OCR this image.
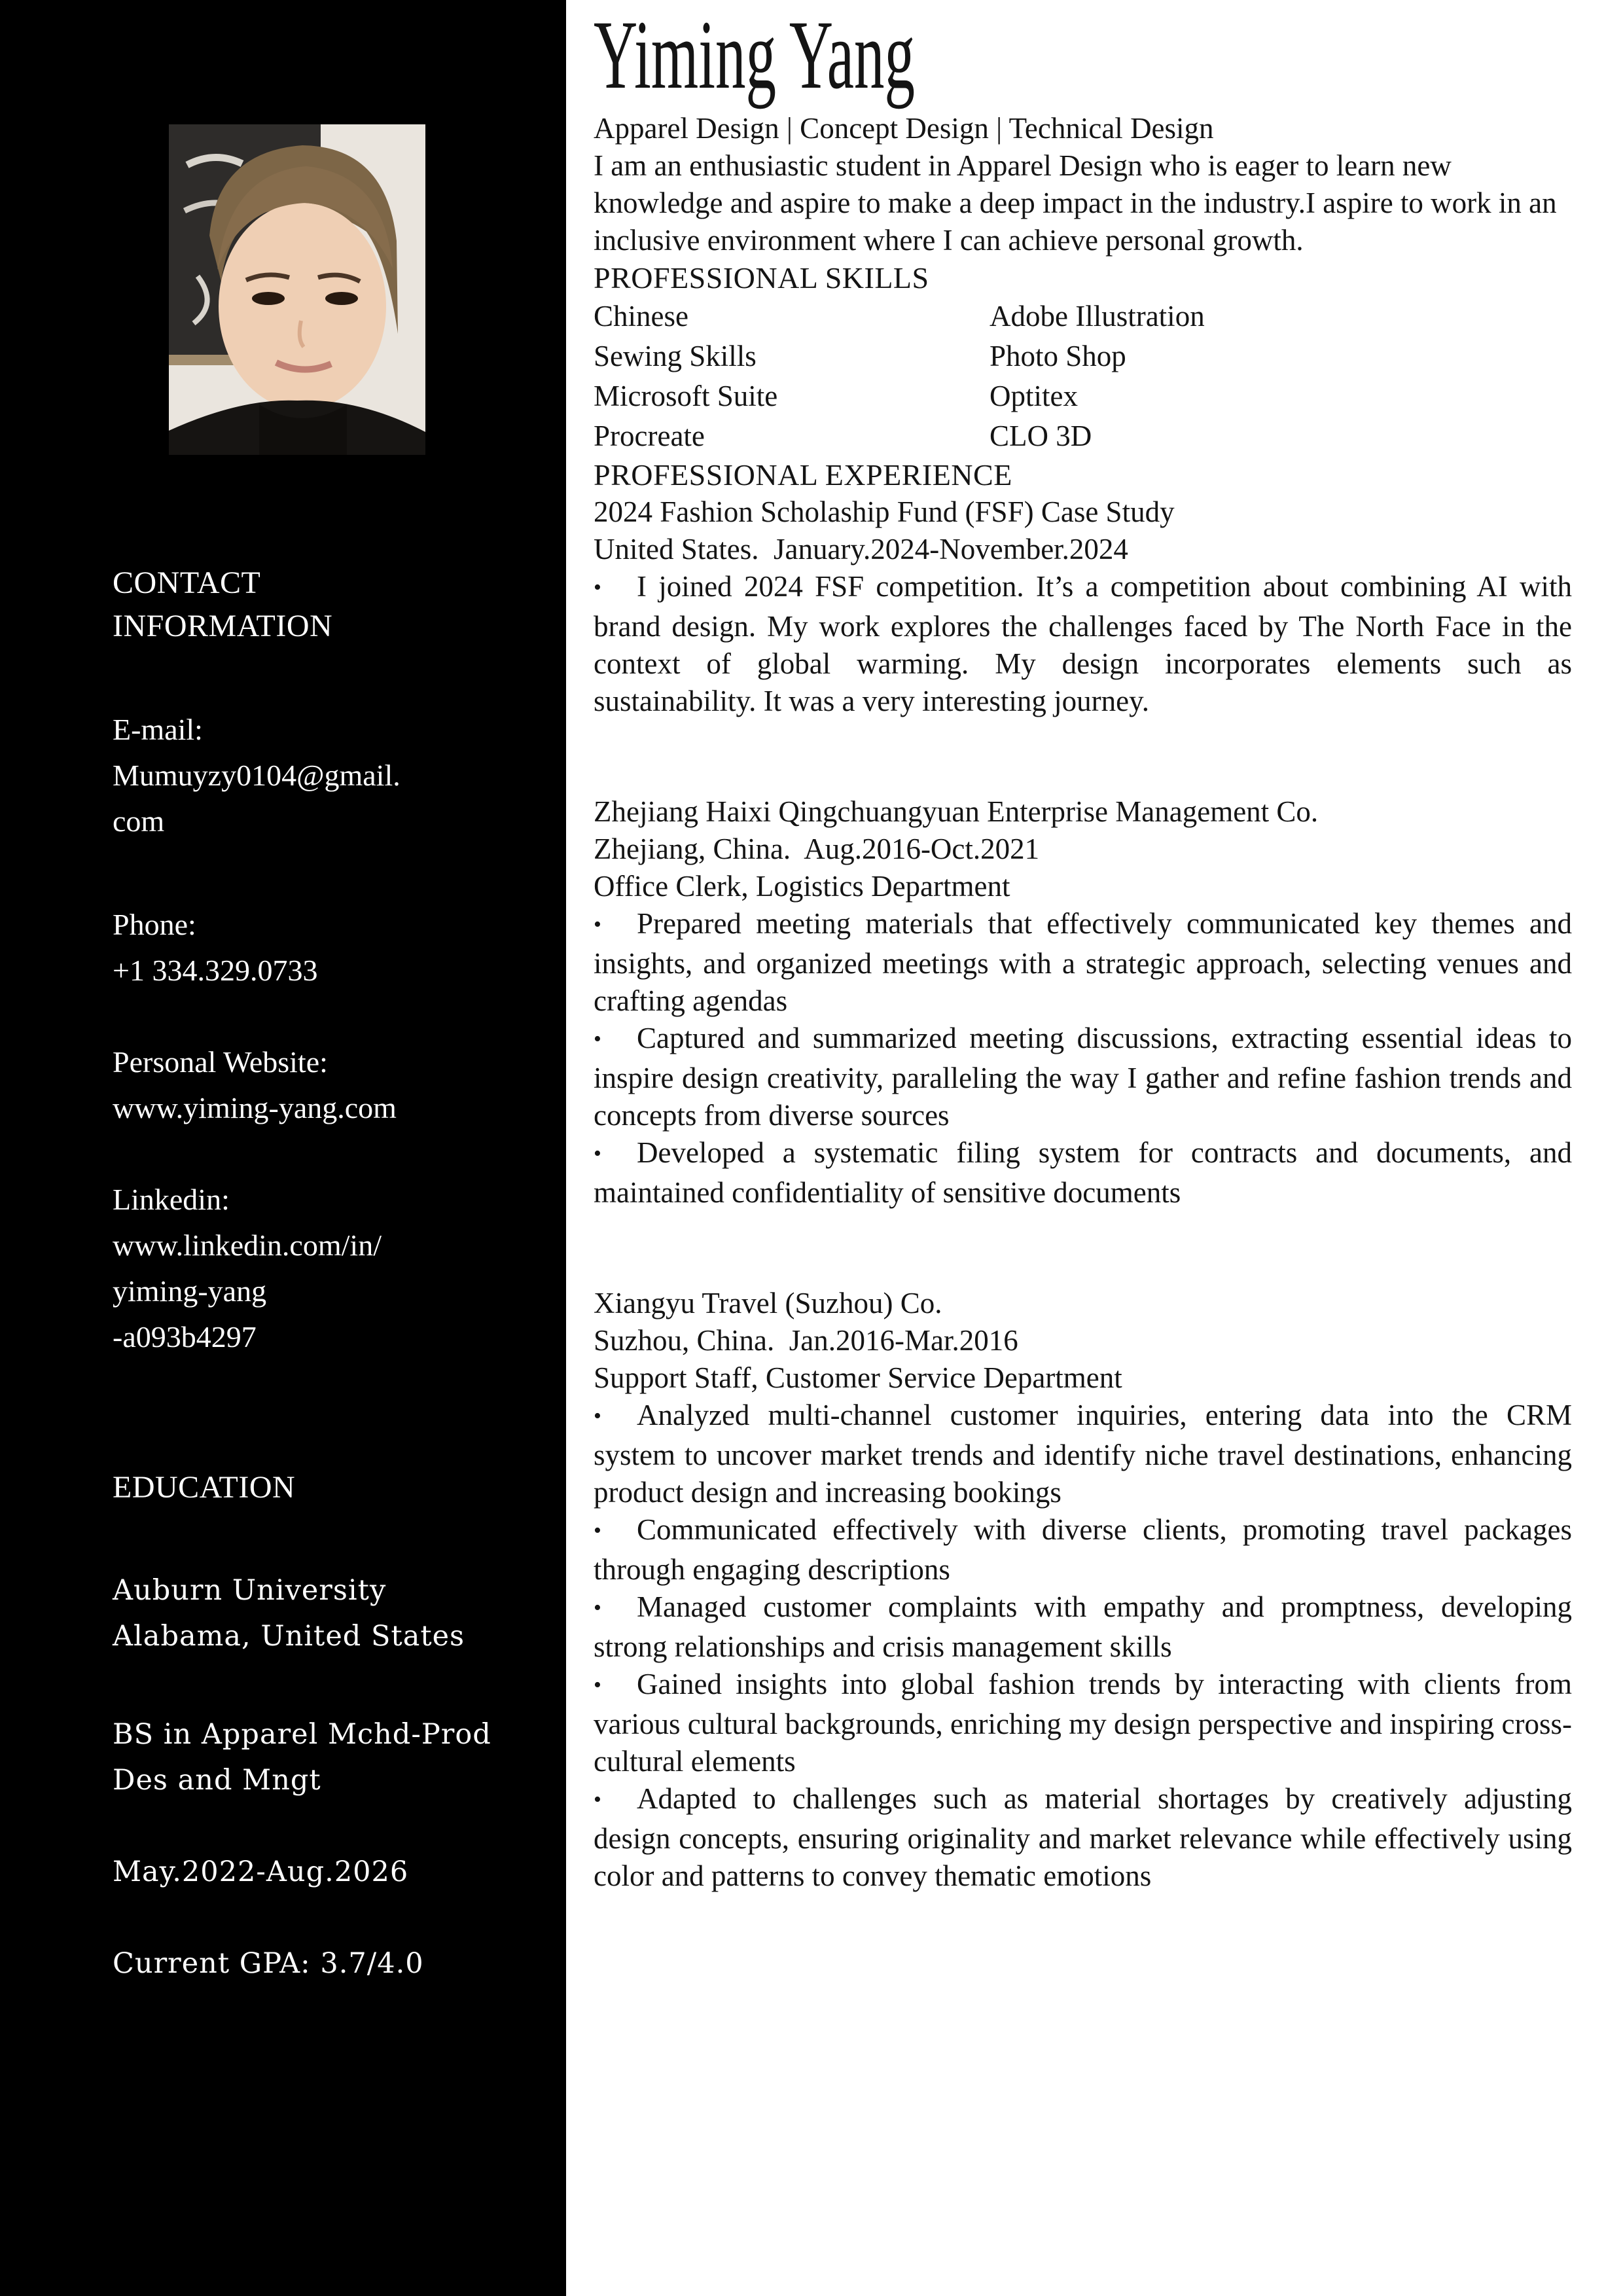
CONTACT
INFORMATION
E-mail:
Mumuyzy0104@gmail.
com
Phone:
+1 334.329.0733
Personal Website:
www.yiming-yang.com
Linkedin:
www.linkedin.com/in/
yiming-yang
-a093b4297
EDUCATION
Auburn University
Alabama, United States
BS in Apparel Mchd-Prod
Des and Mngt
May.2022-Aug.2026
Current GPA: 3.7/4.0
Yiming Yang
Apparel Design | Concept Design | Technical Design

I am an enthusiastic student in Apparel Design who is eager to learn new knowledge and aspire to make a deep impact in the industry.I aspire to work in an inclusive environment where I can achieve personal growth.

PROFESSIONAL SKILLS
Chinese
Sewing Skills
Microsoft Suite
Procreate
Adobe Illustration
Photo Shop
Optitex
CLO 3D
PROFESSIONAL EXPERIENCE
2024 Fashion Scholaship Fund (FSF) Case Study
United States.  January.2024-November.2024

• I joined 2024 FSF competition. It’s a competition about combining AI with brand design. My work explores the challenges faced by The North Face in the context of global warming. My design incorporates elements such as sustainability. It was a very interesting journey.

Zhejiang Haixi Qingchuangyuan Enterprise Management Co.
Zhejiang, China.  Aug.2016-Oct.2021
Office Clerk, Logistics Department

• Prepared meeting materials that effectively communicated key themes and insights, and organized meetings with a strategic approach, selecting venues and crafting agendas

• Captured and summarized meeting discussions, extracting essential ideas to inspire design creativity, paralleling the way I gather and refine fashion trends and concepts from diverse sources

• Developed a systematic filing system for contracts and documents, and maintained confidentiality of sensitive documents

Xiangyu Travel (Suzhou) Co.
Suzhou, China.  Jan.2016-Mar.2016
Support Staff, Customer Service Department

• Analyzed multi-channel customer inquiries, entering data into the CRM system to uncover market trends and identify niche travel destinations, enhancing product design and increasing bookings

• Communicated effectively with diverse clients, promoting travel packages through engaging descriptions

• Managed customer complaints with empathy and promptness, developing strong relationships and crisis management skills

• Gained insights into global fashion trends by interacting with clients from various cultural backgrounds, enriching my design perspective and inspiring cross-cultural elements

• Adapted to challenges such as material shortages by creatively adjusting design concepts, ensuring originality and market relevance while effectively using color and patterns to convey thematic emotions
